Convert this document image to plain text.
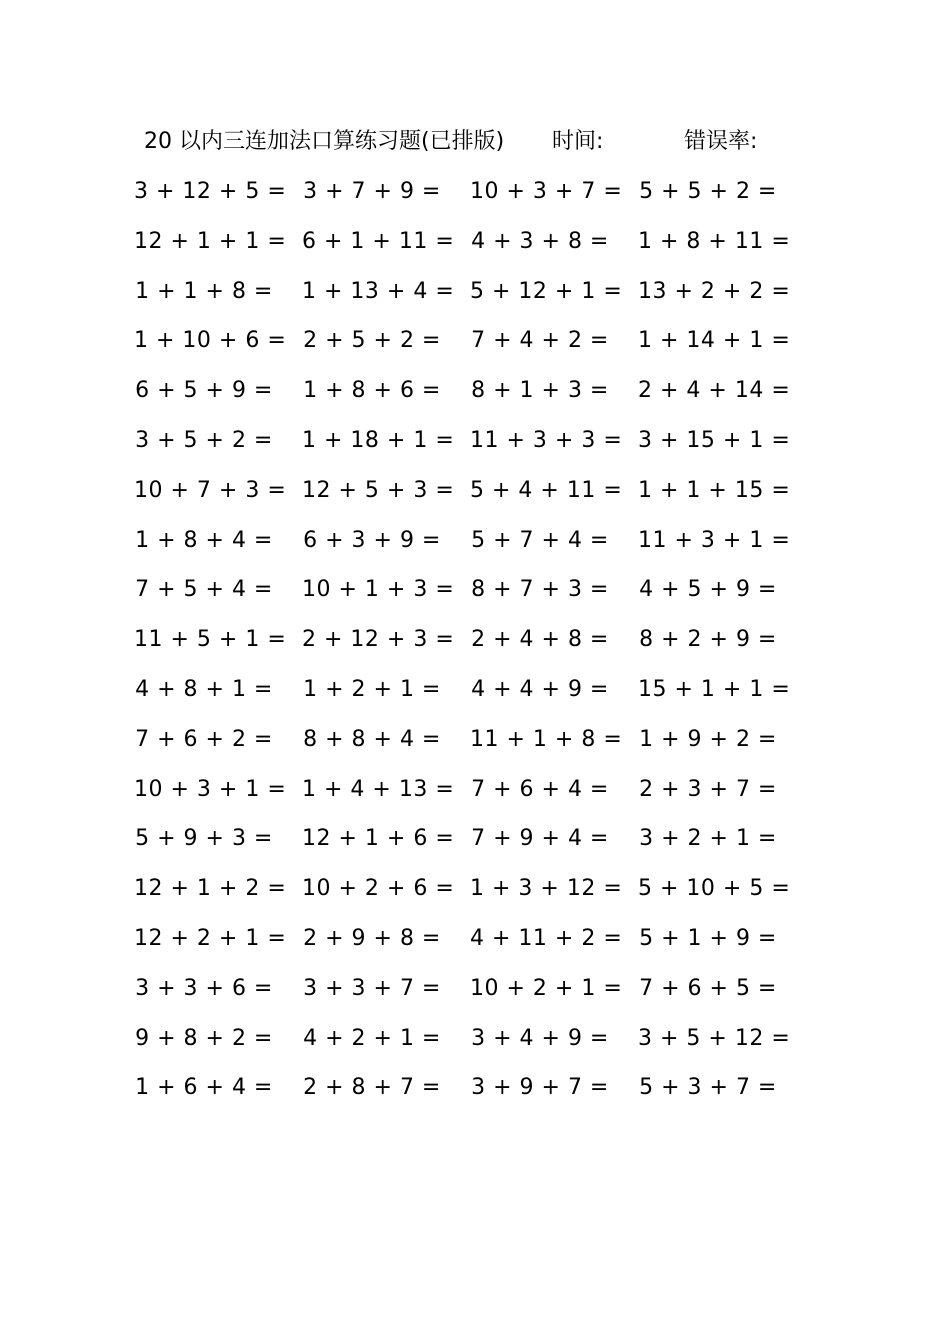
20 以内三连加法口算练习题(已排版) 时间:	错误率:
3 + 12 + 5 = 3 + 7 + 9 = 10 + 3 + 7 = 5 + 5 + 2 =
12 + 1 + 1 = 6 + 1 + 11 = 4 + 3 + 8 = 1 + 8 + 11 =
1 + 1 + 8 = 1 + 13 + 4 = 5 + 12 + 1 = 13 + 2 + 2 =
1 + 10 + 6 = 2 + 5 + 2 = 7 + 4 + 2 = 1 + 14 + 1 =
6 + 5 + 9 = 1 + 8 + 6 = 8 + 1 + 3 = 2 + 4 + 14 =
3 + 5 + 2 = 1 + 18 + 1 = 11 + 3 + 3 = 3 + 15 + 1 =
10 + 7 + 3 = 12 + 5 + 3 = 5 + 4 + 11 = 1 + 1 + 15 =
1 + 8 + 4 = 6 + 3 + 9 = 5 + 7 + 4 = 11 + 3 + 1 =
7 + 5 + 4 = 10 + 1 + 3 = 8 + 7 + 3 = 4 + 5 + 9 =
11 + 5 + 1 = 2 + 12 + 3 = 2 + 4 + 8 = 8 + 2 + 9 =
4 + 8 + 1 = 1 + 2 + 1 = 4 + 4 + 9 = 15 + 1 + 1 =
7 + 6 + 2 = 8 + 8 + 4 = 11 + 1 + 8 = 1 + 9 + 2 =
10 + 3 + 1 = 1 + 4 + 13 = 7 + 6 + 4 = 2 + 3 + 7 =
5 + 9 + 3 = 12 + 1 + 6 = 7 + 9 + 4 = 3 + 2 + 1 =
12 + 1 + 2 = 10 + 2 + 6 = 1 + 3 + 12 = 5 + 10 + 5 =
12 + 2 + 1 = 2 + 9 + 8 = 4 + 11 + 2 = 5 + 1 + 9 =
3 + 3 + 6 = 3 + 3 + 7 = 10 + 2 + 1 = 7 + 6 + 5 =
9 + 8 + 2 = 4 + 2 + 1 = 3 + 4 + 9 = 3 + 5 + 12 =
1 + 6 + 4 = 2 + 8 + 7 = 3 + 9 + 7 = 5 + 3 + 7 =
